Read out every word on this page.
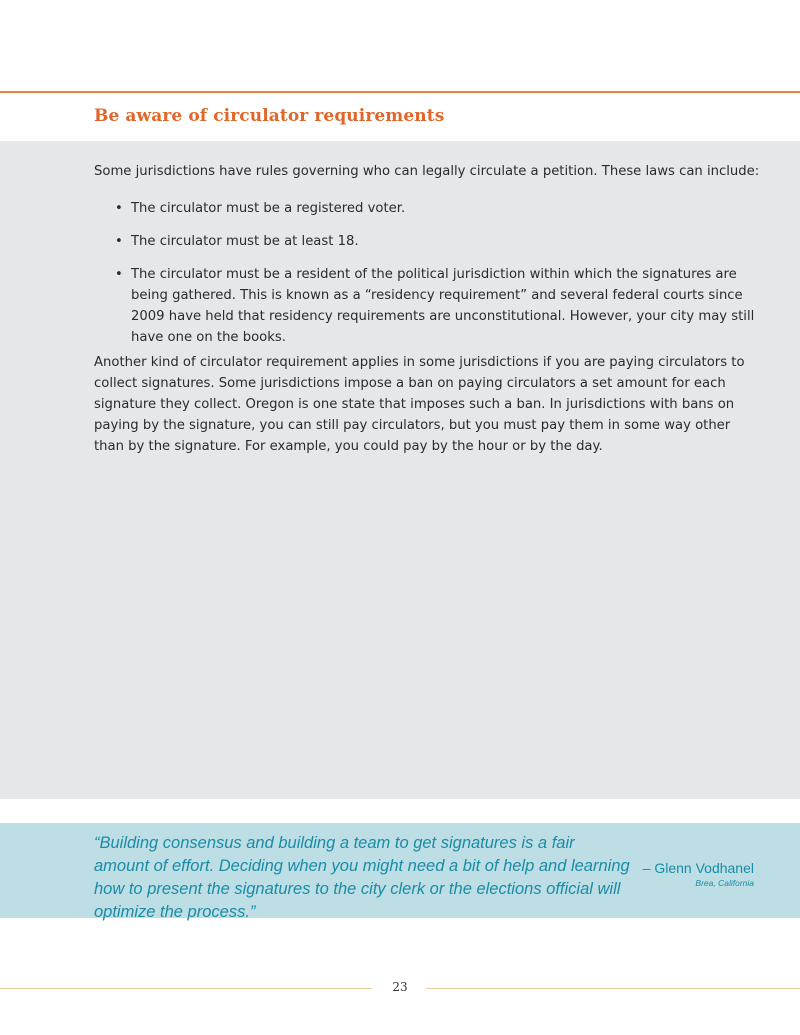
Be aware of circulator requirements

Some jurisdictions have rules governing who can legally circulate a petition. These laws can include:

• The circulator must be a registered voter.
• The circulator must be at least 18.
• The circulator must be a resident of the political jurisdiction within which the signatures are being gathered. This is known as a “residency requirement” and several federal courts since 2009 have held that residency requirements are unconstitutional. However, your city may still have one on the books.

Another kind of circulator requirement applies in some jurisdictions if you are paying circulators to collect signatures. Some jurisdictions impose a ban on paying circulators a set amount for each signature they collect. Oregon is one state that imposes such a ban. In jurisdictions with bans on paying by the signature, you can still pay circulators, but you must pay them in some way other than by the signature. For example, you could pay by the hour or by the day.

“Building consensus and building a team to get signatures is a fair amount of effort. Deciding when you might need a bit of help and learning how to present the signatures to the city clerk or the elections official will optimize the process.”

– Glenn Vodhanel
Brea, California
23
